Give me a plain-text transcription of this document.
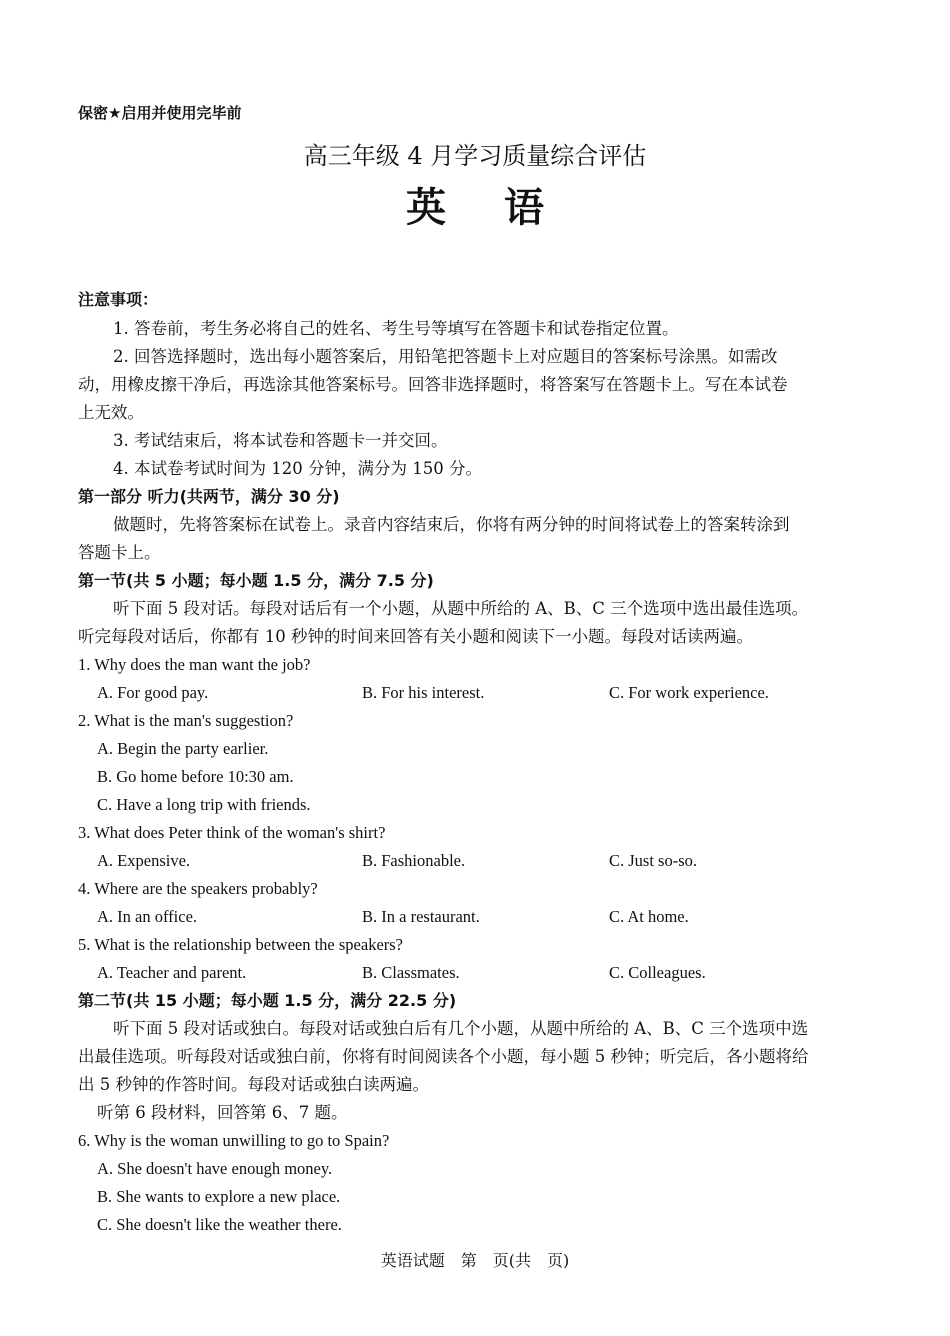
保密★启用并使用完毕前
高三年级 4 月学习质量综合评估
英语
注意事项：
1. 答卷前，考生务必将自己的姓名、考生号等填写在答题卡和试卷指定位置。
2. 回答选择题时，选出每小题答案后，用铅笔把答题卡上对应题目的答案标号涂黑。如需改
动，用橡皮擦干净后，再选涂其他答案标号。回答非选择题时，将答案写在答题卡上。写在本试卷
上无效。
3. 考试结束后，将本试卷和答题卡一并交回。
4. 本试卷考试时间为 120 分钟，满分为 150 分。
第一部分 听力(共两节，满分 30 分)
做题时，先将答案标在试卷上。录音内容结束后，你将有两分钟的时间将试卷上的答案转涂到
答题卡上。
第一节(共 5 小题；每小题 1.5 分，满分 7.5 分)
听下面 5 段对话。每段对话后有一个小题，从题中所给的 A、B、C 三个选项中选出最佳选项。
听完每段对话后，你都有 10 秒钟的时间来回答有关小题和阅读下一小题。每段对话读两遍。
1. Why does the man want the job?
A. For good pay.	B. For his interest.	C. For work experience.
2. What is the man's suggestion?
A. Begin the party earlier.
B. Go home before 10:30 am.
C. Have a long trip with friends.
3. What does Peter think of the woman's shirt?
A. Expensive.	B. Fashionable.	C. Just so-so.
4. Where are the speakers probably?
A. In an office.	B. In a restaurant.	C. At home.
5. What is the relationship between the speakers?
A. Teacher and parent.	B. Classmates.	C. Colleagues.
第二节(共 15 小题；每小题 1.5 分，满分 22.5 分)
听下面 5 段对话或独白。每段对话或独白后有几个小题，从题中所给的 A、B、C 三个选项中选
出最佳选项。听每段对话或独白前，你将有时间阅读各个小题，每小题 5 秒钟；听完后，各小题将给
出 5 秒钟的作答时间。每段对话或独白读两遍。
听第 6 段材料，回答第 6、7 题。
6. Why is the woman unwilling to go to Spain?
A. She doesn't have enough money.
B. She wants to explore a new place.
C. She doesn't like the weather there.
英语试题　第　页(共　页)
